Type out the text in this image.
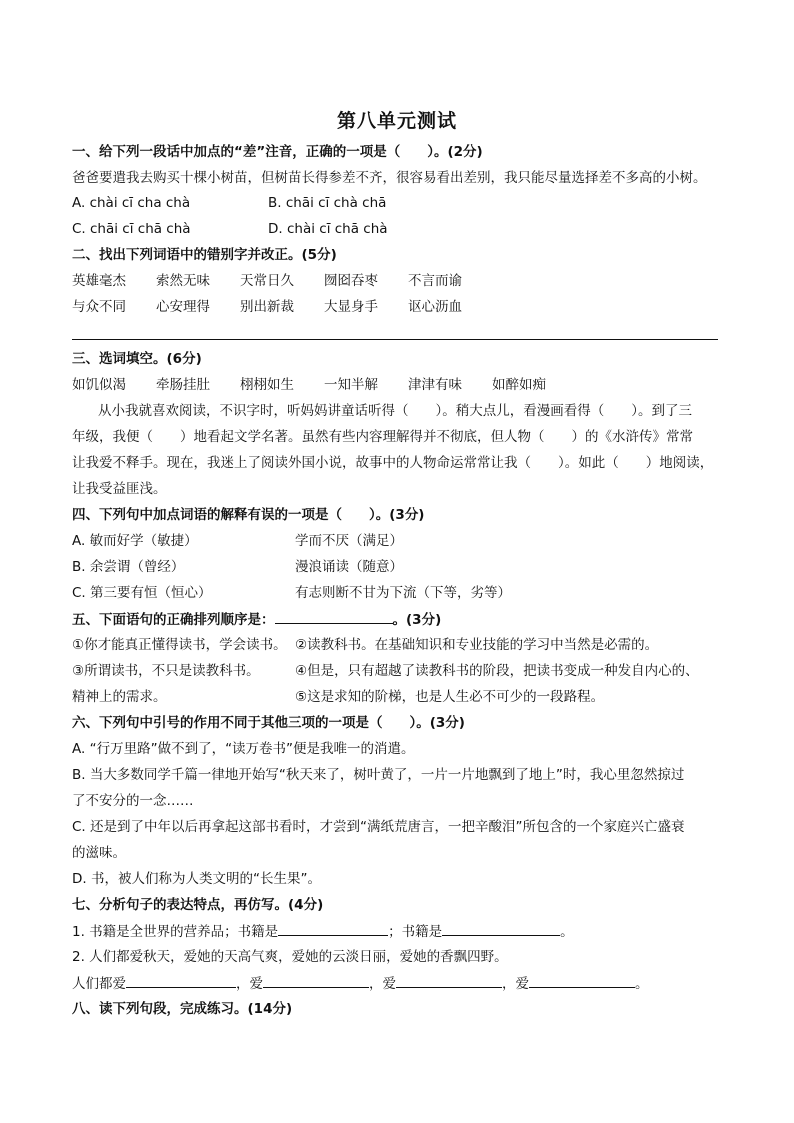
第八单元测试
一、给下列一段话中加点的“差”注音，正确的一项是（　　）。(2分)
爸爸要遣我去购买十棵小树苗，但树苗长得参差不齐，很容易看出差别，我只能尽量选择差不多高的小树。
A. chài cī cha chà	B. chāi cī chà chā
C. chāi cī chā chà	D. chài cī chā chà
二、找出下列词语中的错别字并改正。(5分)
英雄毫杰 索然无味 天常日久 囫囵吞枣 不言而谕
与众不同 心安理得 别出新裁 大显身手 讴心沥血
三、选词填空。(6分)
如饥似渴 牵肠挂肚 栩栩如生 一知半解 津津有味 如醉如痴
从小我就喜欢阅读，不识字时，听妈妈讲童话听得（　　）。稍大点儿，看漫画看得（　　）。到了三
年级，我便（　　）地看起文学名著。虽然有些内容理解得并不彻底，但人物（　　）的《水浒传》常常
让我爱不释手。现在，我迷上了阅读外国小说，故事中的人物命运常常让我（　　）。如此（　　）地阅读，
让我受益匪浅。
四、下列句中加点词语的解释有误的一项是（　　）。(3分)
A. 敏而好学（敏捷）	学而不厌（满足）
B. 余尝谓（曾经）	漫浪诵读（随意）
C. 第三要有恒（恒心）	有志则断不甘为下流（下等，劣等）
五、下面语句的正确排列顺序是：	。(3分)
①你才能真正懂得读书，学会读书。 ②读教科书。在基础知识和专业技能的学习中当然是必需的。
③所谓读书，不只是读教科书。	④但是，只有超越了读教科书的阶段，把读书变成一种发自内心的、
精神上的需求。	⑤这是求知的阶梯，也是人生必不可少的一段路程。
六、下列句中引号的作用不同于其他三项的一项是（　　）。(3分)
A. “行万里路”做不到了，“读万卷书”便是我唯一的消遣。
B. 当大多数同学千篇一律地开始写“秋天来了，树叶黄了，一片一片地飘到了地上”时，我心里忽然掠过
了不安分的一念……
C. 还是到了中年以后再拿起这部书看时，才尝到“满纸荒唐言，一把辛酸泪”所包含的一个家庭兴亡盛衰
的滋味。
D. 书，被人们称为人类文明的“长生果”。
七、分析句子的表达特点，再仿写。(4分)
1. 书籍是全世界的营养品；书籍是	；书籍是	。
2. 人们都爱秋天，爱她的天高气爽，爱她的云淡日丽，爱她的香飘四野。
人们都爱	，爱	，爱	，爱	。
八、读下列句段，完成练习。(14分)
